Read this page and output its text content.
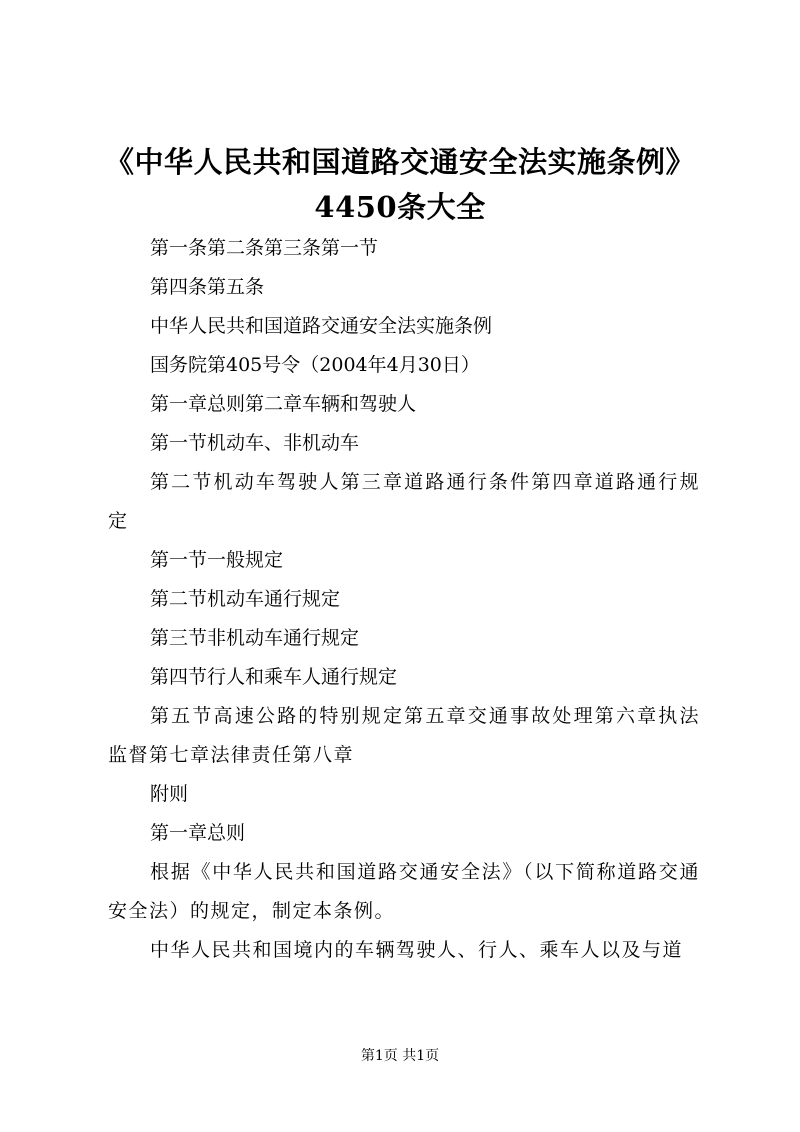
《中华人民共和国道路交通安全法实施条例》
4450条大全

第一条第二条第三条第一节

第四条第五条

中华人民共和国道路交通安全法实施条例

国务院第405号令（2004年4月30日）

第一章总则第二章车辆和驾驶人

第一节机动车、非机动车

第二节机动车驾驶人第三章道路通行条件第四章道路通行规定

第一节一般规定

第二节机动车通行规定

第三节非机动车通行规定

第四节行人和乘车人通行规定

第五节高速公路的特别规定第五章交通事故处理第六章执法监督第七章法律责任第八章

附则

第一章总则

根据《中华人民共和国道路交通安全法》（以下简称道路交通安全法）的规定，制定本条例。

中华人民共和国境内的车辆驾驶人、行人、乘车人以及与道

第1页 共1页
